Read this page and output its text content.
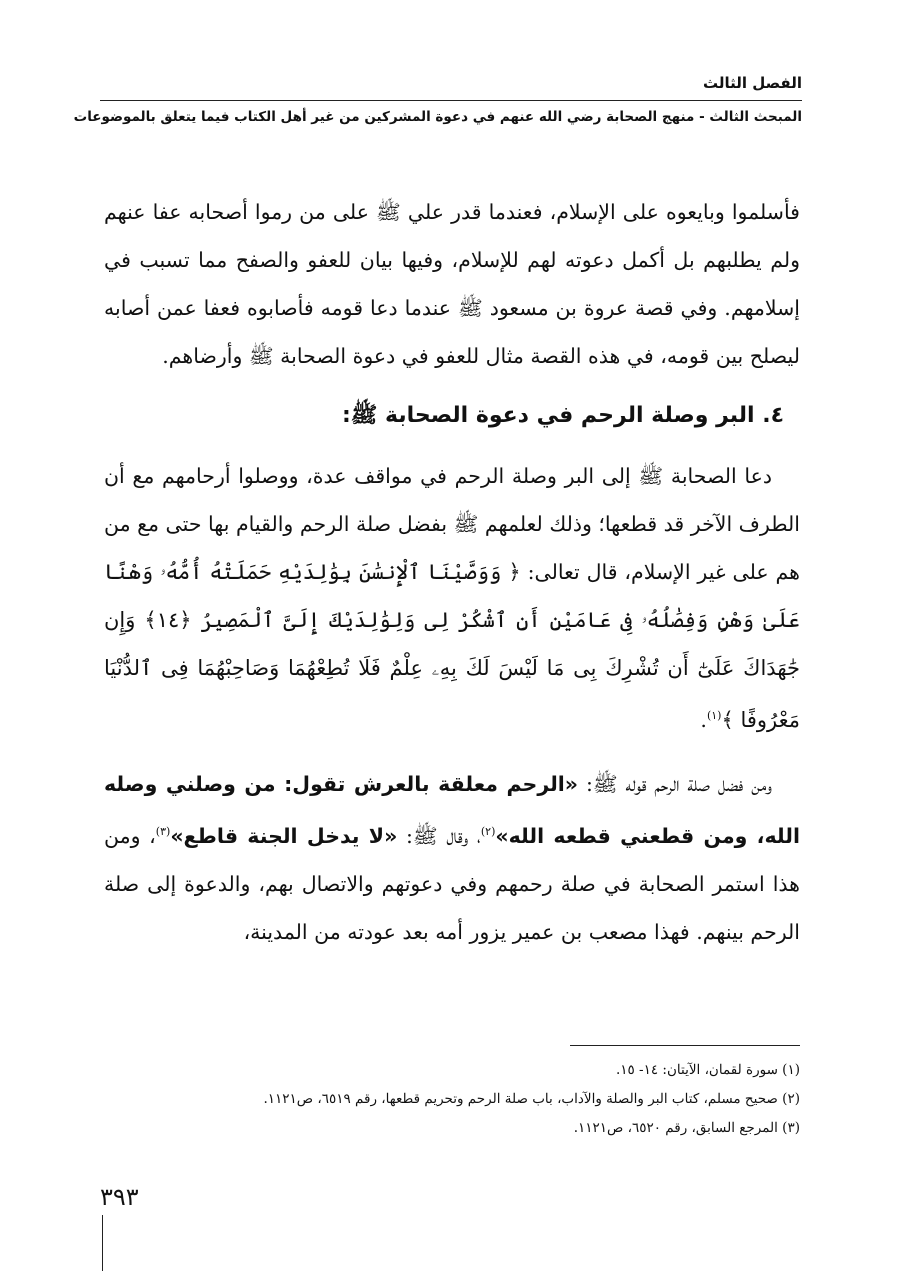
الفصل الثالث
المبحث الثالث - منهج الصحابة رضي الله عنهم في دعوة المشركين من غير أهل الكتاب فيما يتعلق بالموضوعات

فأسلموا وبايعوه على الإسلام، فعندما قدر علي ﷺ على من رموا أصحابه عفا عنهم ولم يطلبهم بل أكمل دعوته لهم للإسلام، وفيها بيان للعفو والصفح مما تسبب في إسلامهم. وفي قصة عروة بن مسعود ﷺ عندما دعا قومه فأصابوه فعفا عمن أصابه ليصلح بين قومه، في هذه القصة مثال للعفو في دعوة الصحابة ﷺ وأرضاهم.

٤. البر وصلة الرحم في دعوة الصحابة ﷺ:

دعا الصحابة ﷺ إلى البر وصلة الرحم في مواقف عدة، ووصلوا أرحامهم مع أن الطرف الآخر قد قطعها؛ وذلك لعلمهم ﷺ بفضل صلة الرحم والقيام بها حتى مع من هم على غير الإسلام، قال تعالى: ﴿ وَوَصَّيْنَا ٱلْإِنسَٰنَ بِوَٰلِدَيْهِ حَمَلَتْهُ أُمُّهُۥ وَهْنًا عَلَىٰ وَهْنٍ وَفِصَٰلُهُۥ فِى عَامَيْنِ أَنِ ٱشْكُرْ لِى وَلِوَٰلِدَيْكَ إِلَىَّ ٱلْمَصِيرُ ﴿١٤﴾ وَإِن جَٰهَدَاكَ عَلَىٰٓ أَن تُشْرِكَ بِى مَا لَيْسَ لَكَ بِهِۦ عِلْمٌ فَلَا تُطِعْهُمَا وَصَاحِبْهُمَا فِى ٱلدُّنْيَا مَعْرُوفًا ﴾$^{(١)}$.

ومن فضل صلة الرحم قوله ﷺ: «الرحم معلقة بالعرش تقول: من وصلني وصله الله، ومن قطعني قطعه الله»$^{(٢)}$، وقال ﷺ: «لا يدخل الجنة قاطع»$^{(٣)}$، ومن هذا استمر الصحابة في صلة رحمهم وفي دعوتهم والاتصال بهم، والدعوة إلى صلة الرحم بينهم. فهذا مصعب بن عمير يزور أمه بعد عودته من المدينة،

(١) سورة لقمان، الآيتان: ١٤- ١٥.
(٢) صحيح مسلم، كتاب البر والصلة والآداب، باب صلة الرحم وتحريم قطعها، رقم ٦٥١٩، ص١١٢١.
(٣) المرجع السابق، رقم ٦٥٢٠، ص١١٢١.
٣٩٣
